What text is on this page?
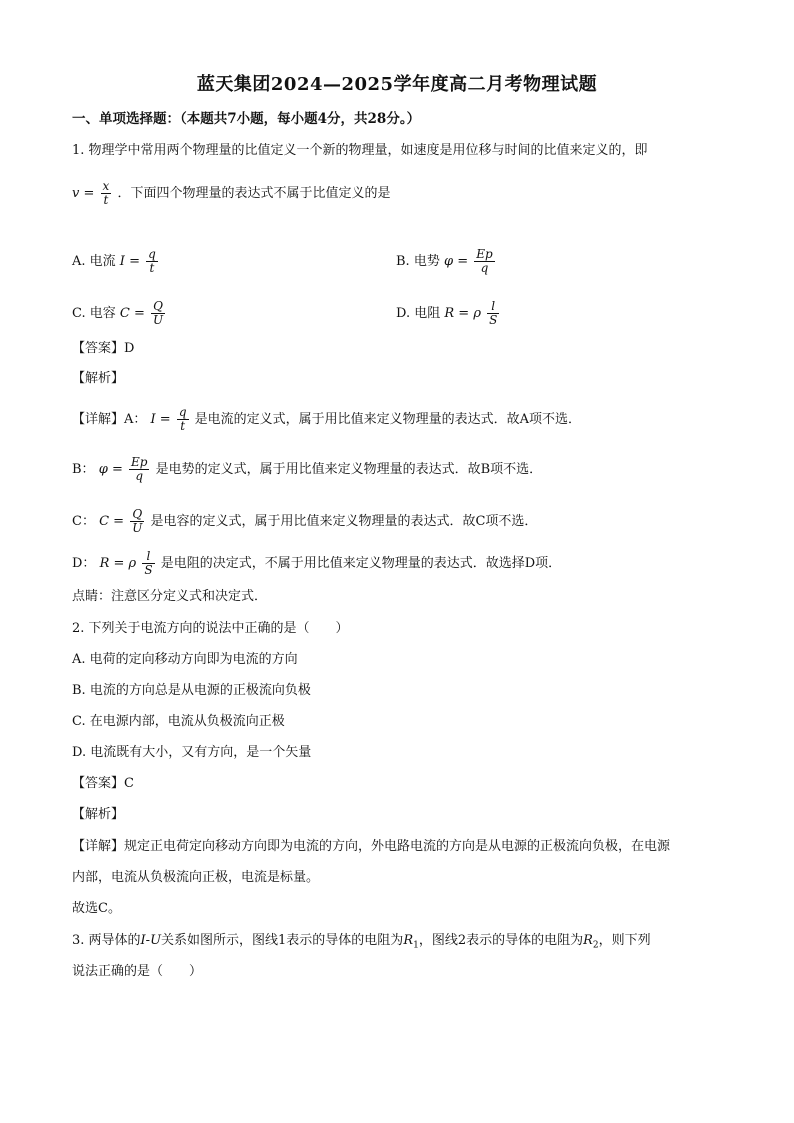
蓝天集团2024—2025学年度高二月考物理试题
一、单项选择题：（本题共7小题，每小题4分，共28分。）
1. 物理学中常用两个物理量的比值定义一个新的物理量，如速度是用位移与时间的比值来定义的，即
$v = \frac{x}{t}$ ．下面四个物理量的表达式不属于比值定义的是
A. 电流 $I = \frac{q}{t}$	B. 电势 $\varphi = \frac{Ep}{q}$
C. 电容 $C = \frac{Q}{U}$	D. 电阻 R = ρ $\frac{l}{S}$
【答案】D
【解析】
【详解】A： $I = \frac{q}{t}$ 是电流的定义式，属于用比值来定义物理量的表达式．故A项不选．
B： $\varphi = \frac{Ep}{q}$ 是电势的定义式，属于用比值来定义物理量的表达式．故B项不选．
C： $C = \frac{Q}{U}$ 是电容的定义式，属于用比值来定义物理量的表达式．故C项不选．
D： R = ρ $\frac{l}{S}$ 是电阻的决定式，不属于用比值来定义物理量的表达式．故选择D项．
点睛：注意区分定义式和决定式．
2. 下列关于电流方向的说法中正确的是（　　）
A. 电荷的定向移动方向即为电流的方向
B. 电流的方向总是从电源的正极流向负极
C. 在电源内部，电流从负极流向正极
D. 电流既有大小，又有方向，是一个矢量
【答案】C
【解析】
【详解】规定正电荷定向移动方向即为电流的方向，外电路电流的方向是从电源的正极流向负极，在电源
内部，电流从负极流向正极，电流是标量。
故选C。
3. 两导体的I-U关系如图所示，图线1表示的导体的电阻为$R_1$，图线2表示的导体的电阻为$R_2$，则下列
说法正确的是（　　）
